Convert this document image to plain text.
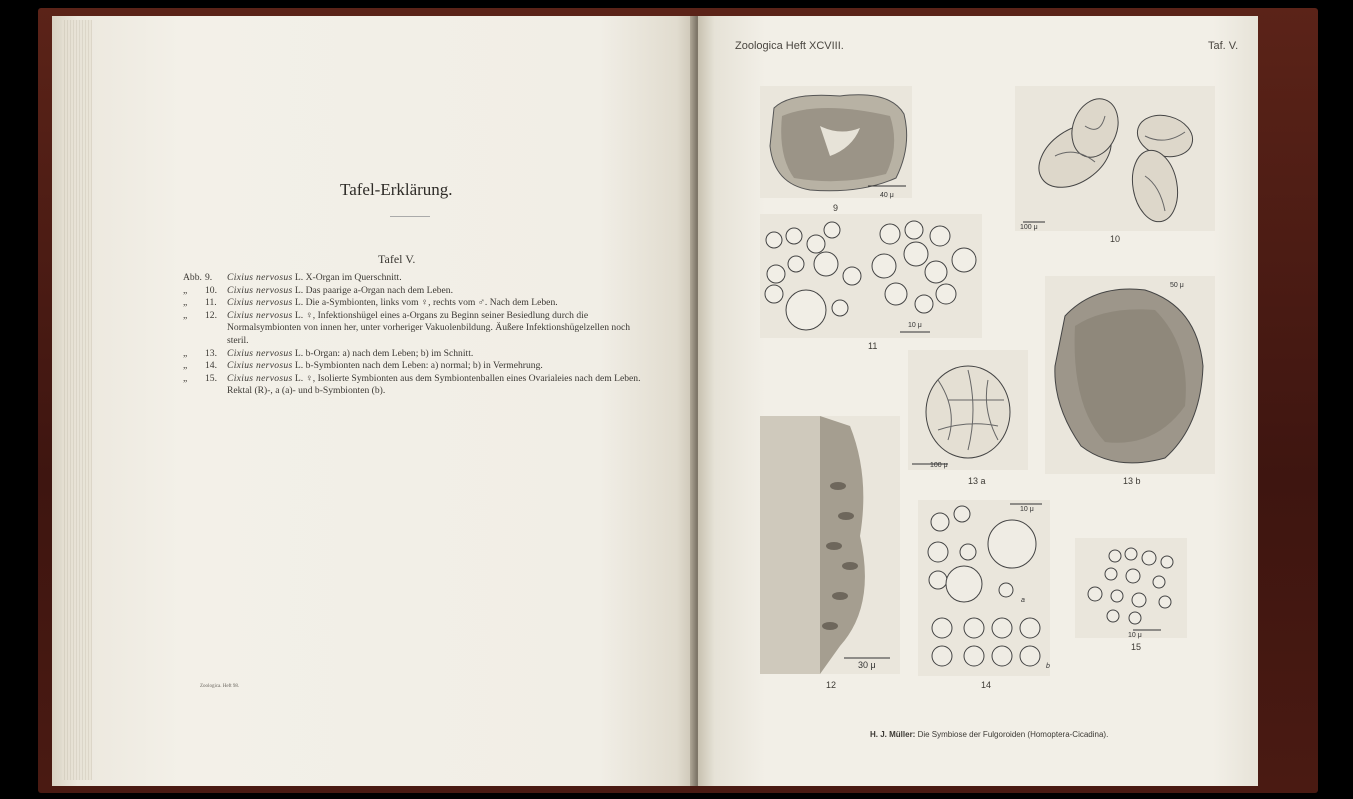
Tafel-Erklärung.
Tafel V.
Abb. 9.	Cixius nervosus L. X-Organ im Querschnitt.
„	10.	Cixius nervosus L. Das paarige a-Organ nach dem Leben.
„	11.	Cixius nervosus L. Die a-Symbionten, links vom ♀, rechts vom ♂. Nach dem Leben.
„	12.	Cixius nervosus L. ♀, Infektionshügel eines a-Organs zu Beginn seiner Besiedlung durch die Normalsymbionten von innen her, unter vorheriger Vakuolenbildung. Äußere Infektionshügelzellen noch steril.
„	13.	Cixius nervosus L. b-Organ: a) nach dem Leben; b) im Schnitt.
„	14.	Cixius nervosus L. b-Symbionten nach dem Leben: a) normal; b) in Vermehrung.
„	15.	Cixius nervosus L. ♀, Isolierte Symbionten aus dem Symbiontenballen eines Ovarialeies nach dem Leben. Rektal (R)-, a (a)- und b-Symbionten (b).
Zoologica. Heft 98.
Zoologica Heft XCVIII.	Taf. V.
40 μ
9
100 μ
10
10 μ
11
100 μ
13 a
50 μ
13 b
30 μ
12
10 μ
a
b
14
10 μ
15
H. J. Müller: Die Symbiose der Fulgoroiden (Homoptera-Cicadina).
